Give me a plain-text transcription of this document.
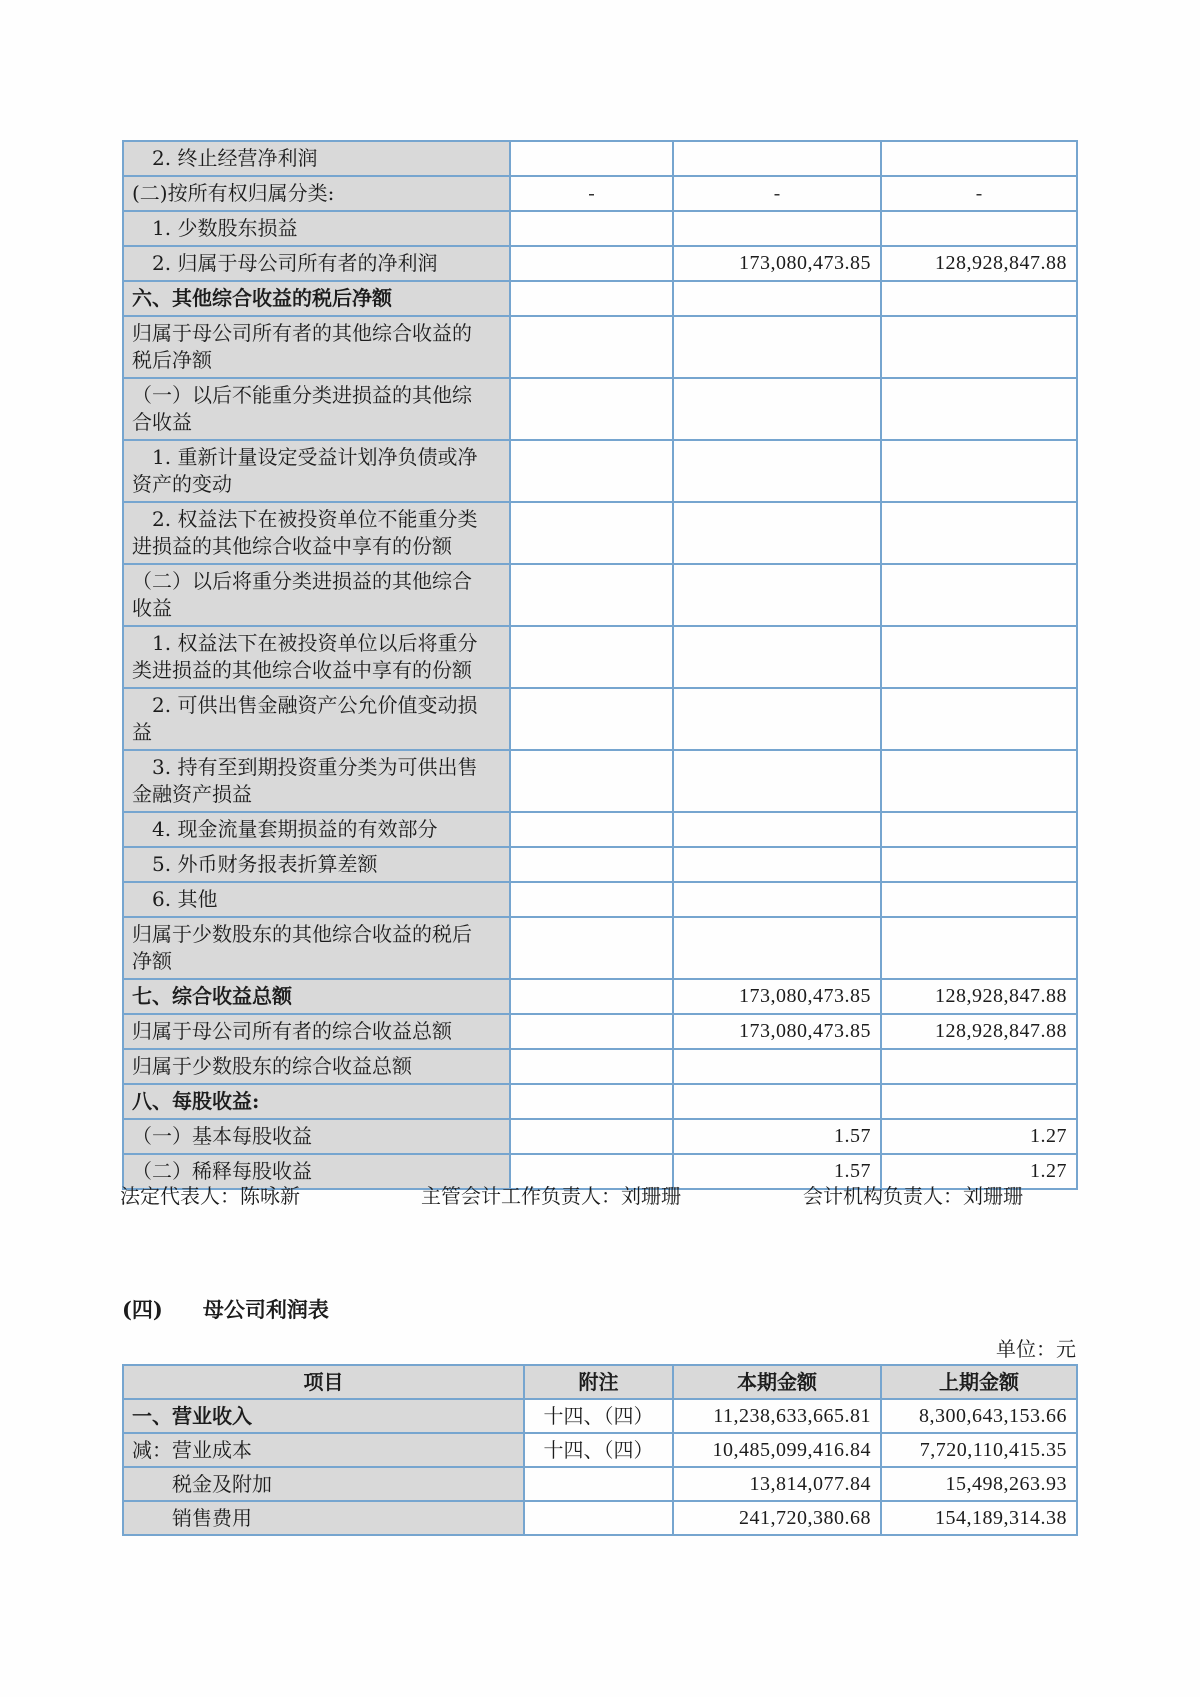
　2. 终止经营净利润			
(二)按所有权归属分类:	-	-	-
　1. 少数股东损益			
　2. 归属于母公司所有者的净利润		173,080,473.85	128,928,847.88
六、其他综合收益的税后净额			
归属于母公司所有者的其他综合收益的税后净额			
（一）以后不能重分类进损益的其他综合收益			
　1. 重新计量设定受益计划净负债或净资产的变动			
　2. 权益法下在被投资单位不能重分类进损益的其他综合收益中享有的份额			
（二）以后将重分类进损益的其他综合收益			
　1. 权益法下在被投资单位以后将重分类进损益的其他综合收益中享有的份额			
　2. 可供出售金融资产公允价值变动损益			
　3. 持有至到期投资重分类为可供出售金融资产损益			
　4. 现金流量套期损益的有效部分			
　5. 外币财务报表折算差额			
　6. 其他			
归属于少数股东的其他综合收益的税后净额			
七、综合收益总额		173,080,473.85	128,928,847.88
归属于母公司所有者的综合收益总额		173,080,473.85	128,928,847.88
归属于少数股东的综合收益总额			
八、每股收益:			
（一）基本每股收益		1.57	1.27
（二）稀释每股收益		1.57	1.27
法定代表人：陈咏新	主管会计工作负责人：刘珊珊	会计机构负责人：刘珊珊
(四) 母公司利润表
单位：元
项目	附注	本期金额	上期金额
一、营业收入	十四、（四）	11,238,633,665.81	8,300,643,153.66
减：营业成本	十四、（四）	10,485,099,416.84	7,720,110,415.35
　　税金及附加		13,814,077.84	15,498,263.93
　　销售费用		241,720,380.68	154,189,314.38
